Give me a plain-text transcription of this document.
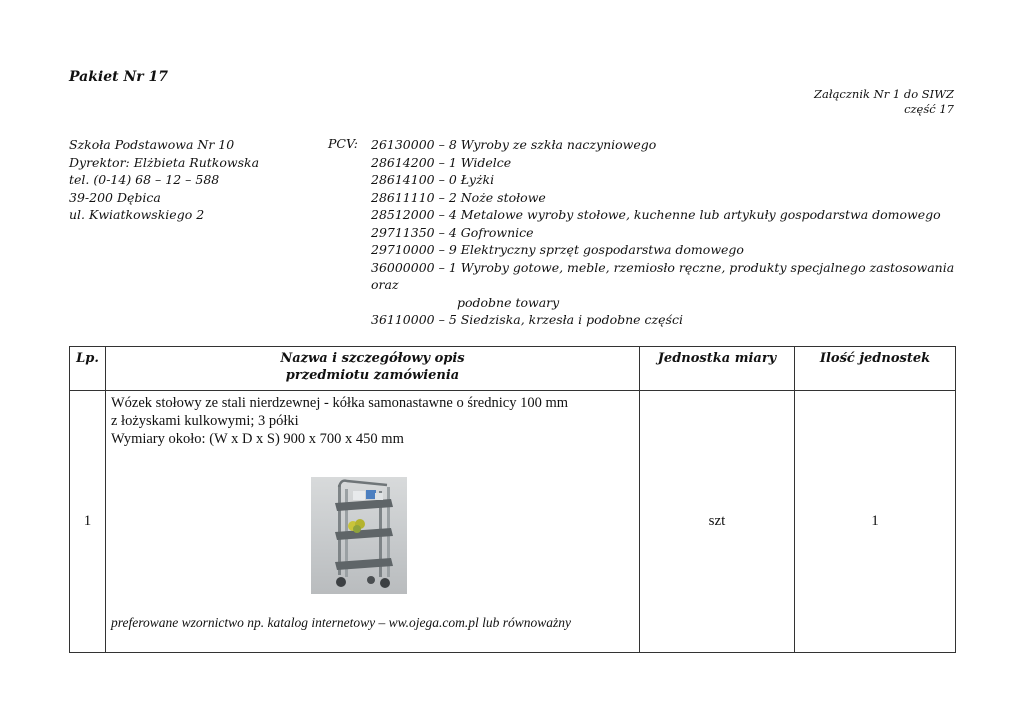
Pakiet Nr 17
Załącznik Nr 1 do SIWZ
część 17
Szkoła Podstawowa Nr 10
Dyrektor: Elżbieta Rutkowska
tel. (0-14) 68 – 12 – 588
39-200 Dębica
ul. Kwiatkowskiego 2
PCV: 26130000 – 8 Wyroby ze szkła naczyniowego
28614200 – 1 Widelce
28614100 – 0 Łyżki
28611110 – 2 Noże stołowe
28512000 – 4 Metalowe wyroby stołowe, kuchenne lub artykuły gospodarstwa domowego
29711350 – 4 Gofrownice
29710000 – 9 Elektryczny sprzęt gospodarstwa domowego
36000000 – 1 Wyroby gotowe, meble, rzemiosło ręczne, produkty specjalnego zastosowania oraz
podobne towary
36110000 – 5 Siedziska, krzesła i podobne części
Lp.	Nazwa i szczegółowy opis
przedmiotu zamówienia	Jednostka miary	Ilość jednostek
1	Wózek stołowy ze stali nierdzewnej - kółka samonastawne o średnicy 100 mm
z łożyskami kulkowymi; 3 półki
Wymiary około: (W x D x S) 900 x 700 x 450 mm
preferowane wzornictwo np. katalog internetowy – ww.ojega.com.pl lub równoważny	szt	1
